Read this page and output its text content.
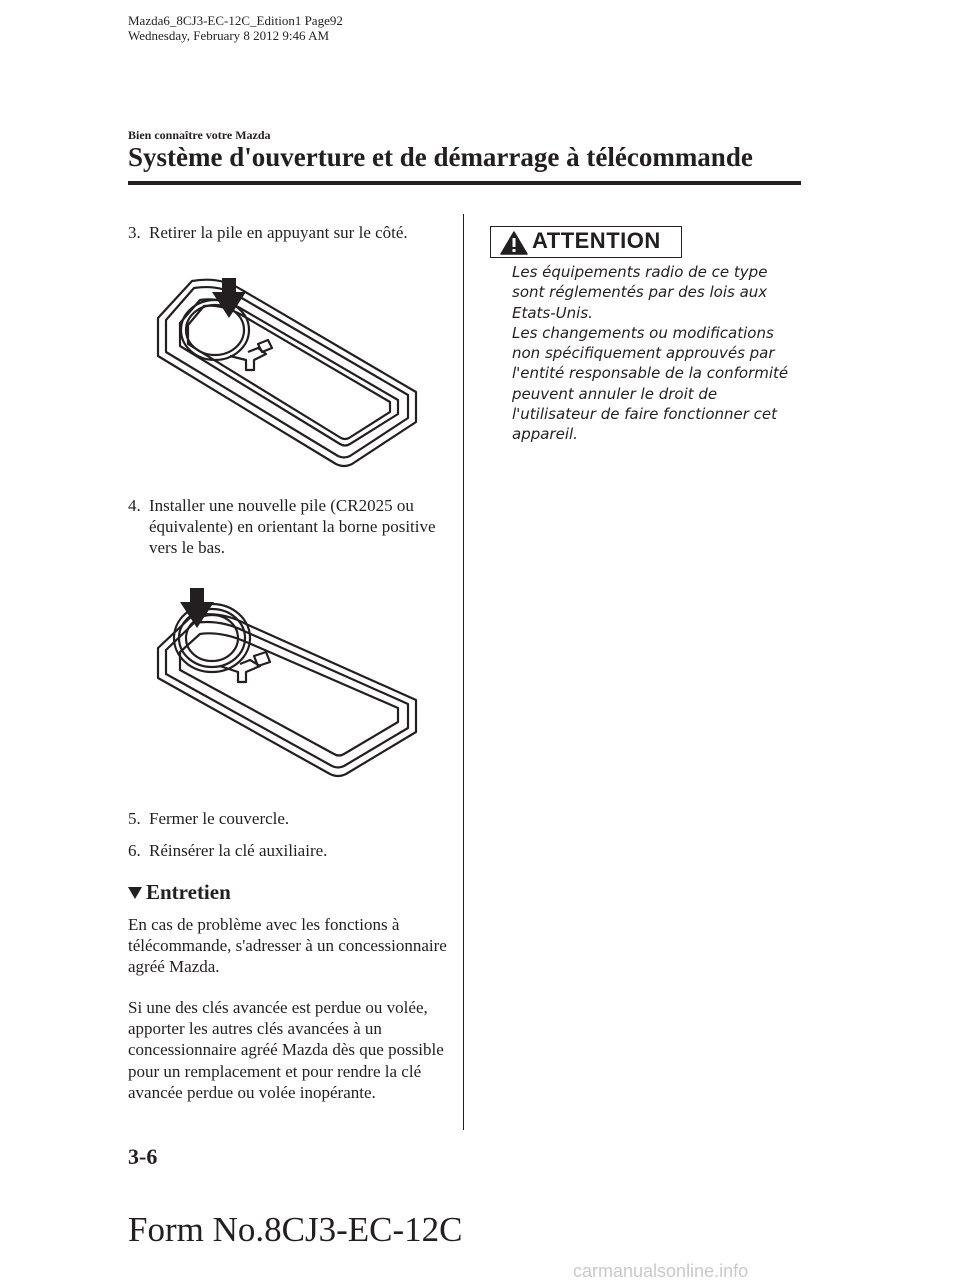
Mazda6_8CJ3-EC-12C_Edition1 Page92
Wednesday, February 8 2012 9:46 AM
Bien connaître votre Mazda
Système d'ouverture et de démarrage à télécommande
3. Retirer la pile en appuyant sur le côté.
4. Installer une nouvelle pile (CR2025 ou équivalente) en orientant la borne positive vers le bas.
5. Fermer le couvercle.
6. Réinsérer la clé auxiliaire.
Entretien
En cas de problème avec les fonctions à télécommande, s'adresser à un concessionnaire agréé Mazda.
Si une des clés avancée est perdue ou volée, apporter les autres clés avancées à un concessionnaire agréé Mazda dès que possible pour un remplacement et pour rendre la clé avancée perdue ou volée inopérante.
ATTENTION
Les équipements radio de ce type
sont réglementés par des lois aux
Etats-Unis.
Les changements ou modifications
non spécifiquement approuvés par
l'entité responsable de la conformité
peuvent annuler le droit de
l'utilisateur de faire fonctionner cet
appareil.
3-6
Form No.8CJ3-EC-12C
carmanualsonline.info
